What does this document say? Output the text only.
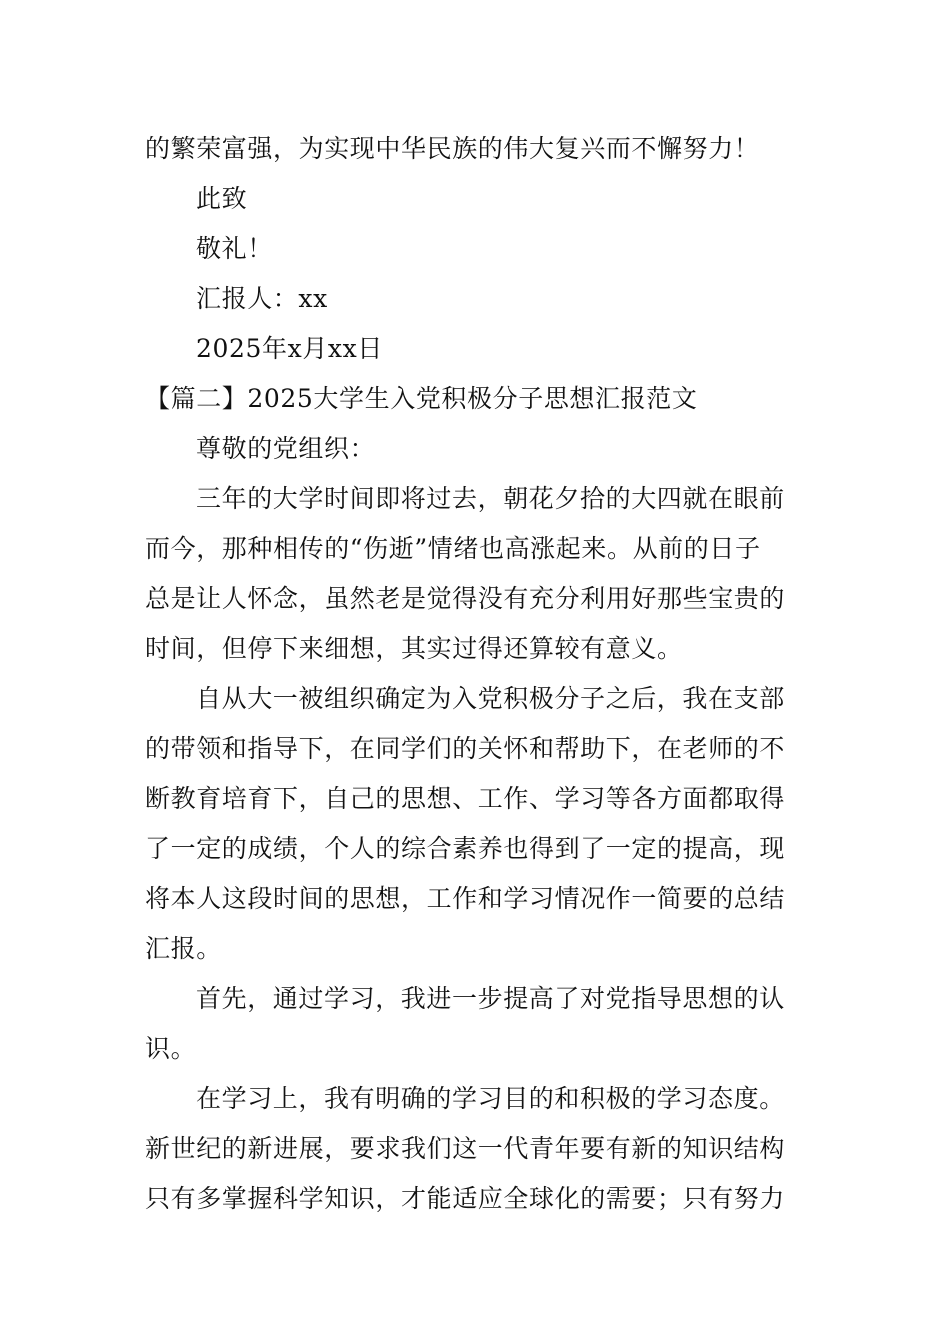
的繁荣富强，为实现中华民族的伟大复兴而不懈努力！
此致
敬礼！
汇报人：xx
2025年x月xx日
【篇二】2025大学生入党积极分子思想汇报范文
尊敬的党组织：
三年的大学时间即将过去，朝花夕拾的大四就在眼前
而今，那种相传的“伤逝”情绪也高涨起来。从前的日子
总是让人怀念，虽然老是觉得没有充分利用好那些宝贵的
时间，但停下来细想，其实过得还算较有意义。
自从大一被组织确定为入党积极分子之后，我在支部
的带领和指导下，在同学们的关怀和帮助下，在老师的不
断教育培育下，自己的思想、工作、学习等各方面都取得
了一定的成绩，个人的综合素养也得到了一定的提高，现
将本人这段时间的思想，工作和学习情况作一简要的总结
汇报。
首先，通过学习，我进一步提高了对党指导思想的认
识。
在学习上，我有明确的学习目的和积极的学习态度。
新世纪的新进展，要求我们这一代青年要有新的知识结构
只有多掌握科学知识，才能适应全球化的需要；只有努力
